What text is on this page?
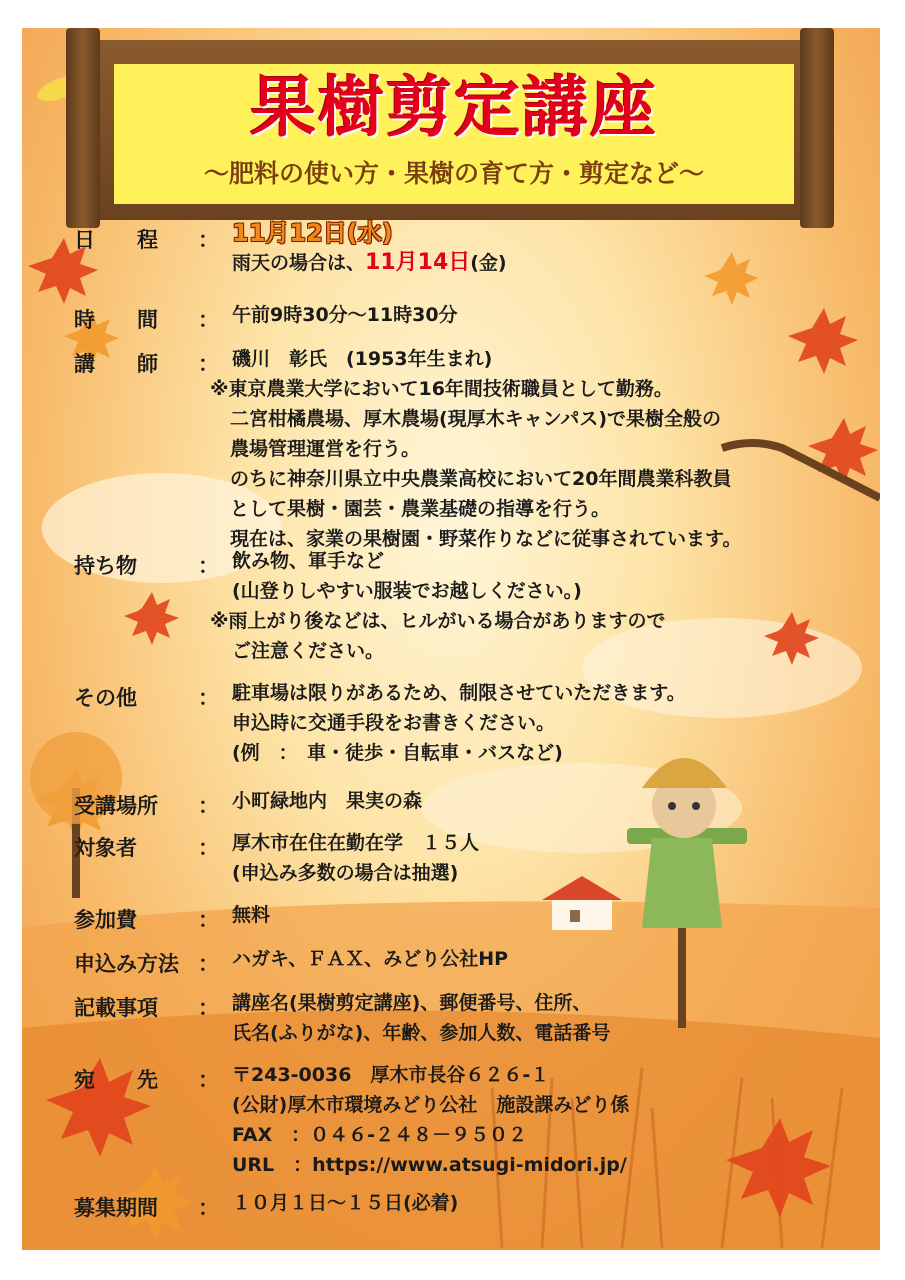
果樹剪定講座
～肥料の使い方・果樹の育て方・剪定など～
日　　程 ： 11月12日(水)
雨天の場合は、11月14日(金)
時　　間 ： 午前9時30分～11時30分
講　　師 ： 磯川　彰氏　(1953年生まれ)
※東京農業大学において16年間技術職員として勤務。
二宮柑橘農場、厚木農場(現厚木キャンパス)で果樹全般の
農場管理運営を行う。
のちに神奈川県立中央農業高校において20年間農業科教員
として果樹・園芸・農業基礎の指導を行う。
現在は、家業の果樹園・野菜作りなどに従事されています。
持ち物	： 飲み物、軍手など
(山登りしやすい服装でお越しください。)
※雨上がり後などは、ヒルがいる場合がありますので
ご注意ください。
その他	： 駐車場は限りがあるため、制限させていただきます。
申込時に交通手段をお書きください。
(例　：　車・徒歩・自転車・バスなど)
受講場所 ： 小町緑地内　果実の森
対象者	： 厚木市在住在勤在学　１５人
(申込み多数の場合は抽選)
参加費	： 無料
申込み方法 ： ハガキ、ＦＡＸ、みどり公社HP
記載事項 ： 講座名(果樹剪定講座)、郵便番号、住所、
氏名(ふりがな)、年齢、参加人数、電話番号
宛　　先 ： 〒243-0036　厚木市長谷６２６-１
(公財)厚木市環境みどり公社　施設課みどり係
FAX　：０４６-２４８－９５０２
URL　：https://www.atsugi-midori.jp/
募集期間 ： １０月１日～１５日(必着)
